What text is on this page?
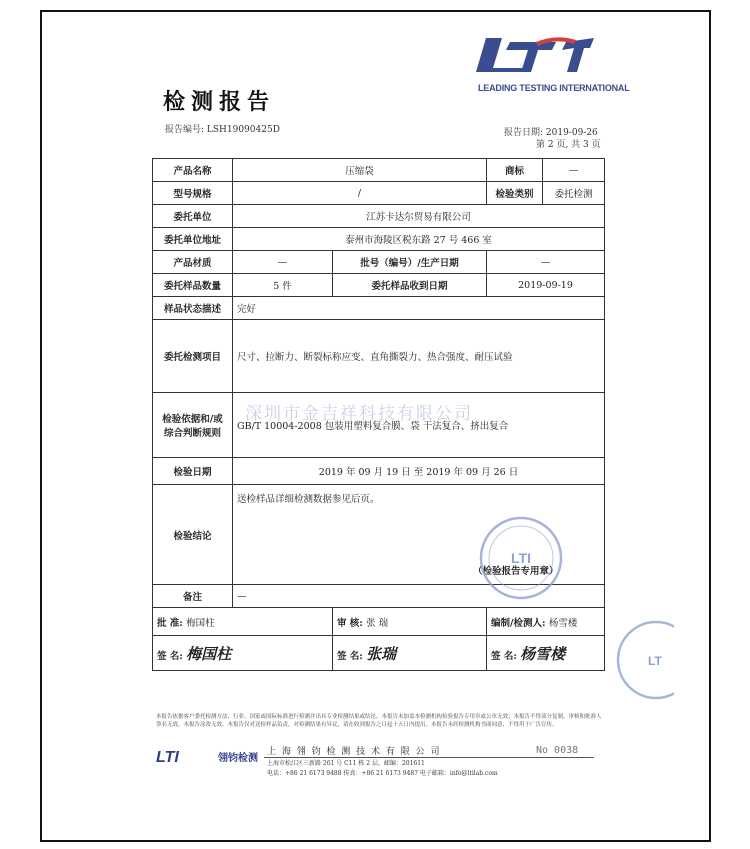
LEADING TESTING INTERNATIONAL
检测报告
报告编号: LSH19090425D	报告日期: 2019-09-26
第 2 页, 共 3 页
产品名称	压缩袋		商标	—
型号规格	/		检验类别	委托检测
委托单位	江苏卡达尔贸易有限公司			
委托单位地址	泰州市海陵区税东路 27 号 466 室			
产品材质	—	批号（编号）/生产日期	—	
委托样品数量	5 件	委托样品收到日期	2019-09-19	
样品状态描述	完好			
委托检测项目	尺寸、拉断力、断裂标称应变、直角撕裂力、热合强度、耐压试验			

检验依据和/或
综合判断规则	GB/T 10004-2008 包装用塑料复合膜、袋 干法复合、挤出复合			
检验日期	2019 年 09 月 19 日 至 2019 年 09 月 26 日			
检验结论	送检样品详细检测数据参见后页。
（检验报告专用章）			

备注	—			
批 准: 梅国柱		审 核: 张 瑞	编制/检测人: 杨雪楼	
签 名: 梅国柱		签 名: 张瑞	签 名: 杨雪楼	
深圳市金吉祥科技有限公司
LTI
LT
本报告依据客户委托检测方法、行业、国家或国际标准进行检测并出具专业检测结果或结论。本报告未加盖本检测机构检验报告专用章或公章无效；本报告不得部分复制，审核和批准人签名无效，本报告涂改无效。本报告仅对送检样品负责，对检测结果有异议，请在收到报告之日起十五日内提出。本报告未经检测机构书面同意，不得用于广告宣传。
LTI	翎钧检测
上 海 翎 钧 检 测 技 术 有 限 公 司
上海市松江区三新路 261 号 C11 栋 2 层，邮编：201611
电话：+86 21 6173 9488 传真：+86 21 6173 9487 电子邮箱：info@ltilab.com
No 0038
